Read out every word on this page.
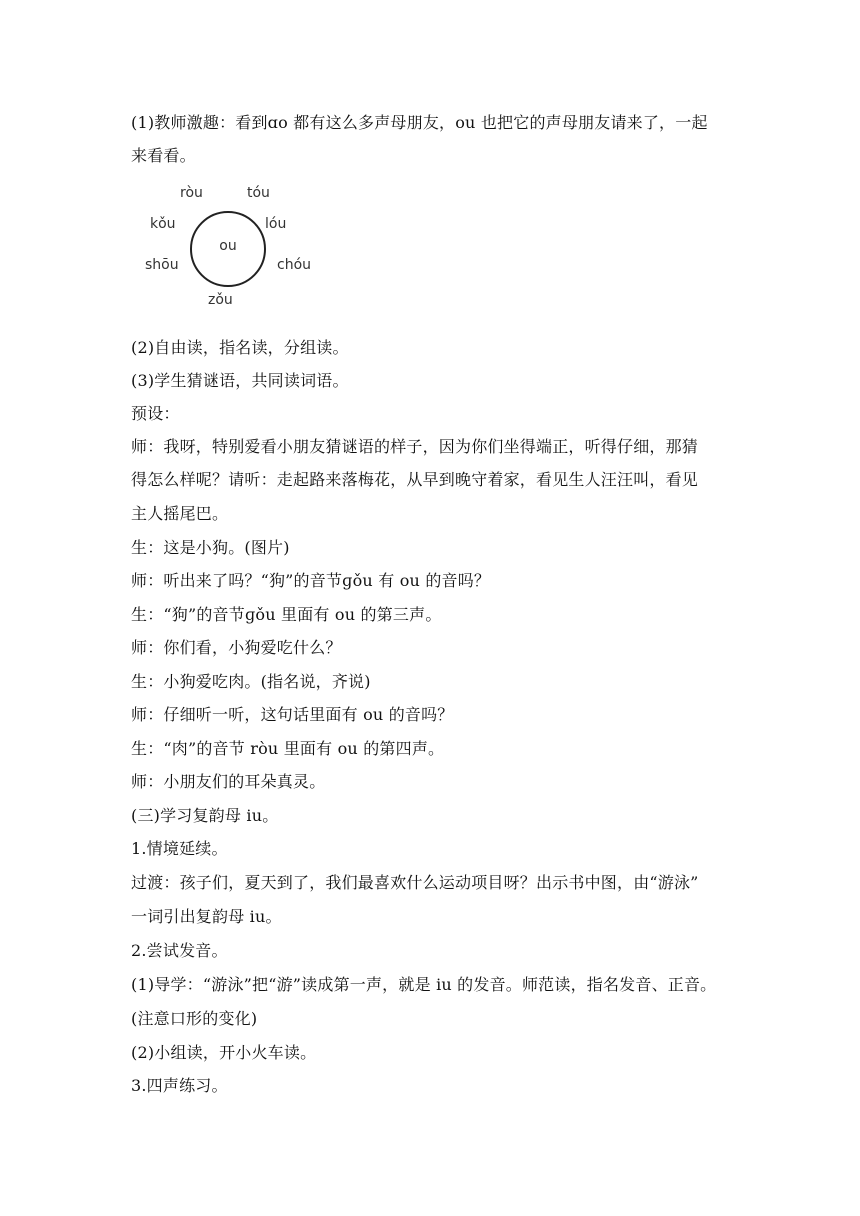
(1)教师激趣：看到ɑo 都有这么多声母朋友，ou 也把它的声母朋友请来了，一起
来看看。
ou
ròu	tóu
kǒu	lóu
shōu	chóu
zǒu
(2)自由读，指名读，分组读。
(3)学生猜谜语，共同读词语。
预设：
师：我呀，特别爱看小朋友猜谜语的样子，因为你们坐得端正，听得仔细，那猜
得怎么样呢？请听：走起路来落梅花，从早到晚守着家，看见生人汪汪叫，看见
主人摇尾巴。
生：这是小狗。(图片)
师：听出来了吗？“狗”的音节ɡǒu 有 ou 的音吗？
生：“狗”的音节ɡǒu 里面有 ou 的第三声。
师：你们看，小狗爱吃什么？
生：小狗爱吃肉。(指名说，齐说)
师：仔细听一听，这句话里面有 ou 的音吗？
生：“肉”的音节 ròu 里面有 ou 的第四声。
师：小朋友们的耳朵真灵。
(三)学习复韵母 iu。
1.情境延续。
过渡：孩子们，夏天到了，我们最喜欢什么运动项目呀？出示书中图，由“游泳”
一词引出复韵母 iu。
2.尝试发音。
(1)导学：“游泳”把“游”读成第一声，就是 iu 的发音。师范读，指名发音、正音。
(注意口形的变化)
(2)小组读，开小火车读。
3.四声练习。
